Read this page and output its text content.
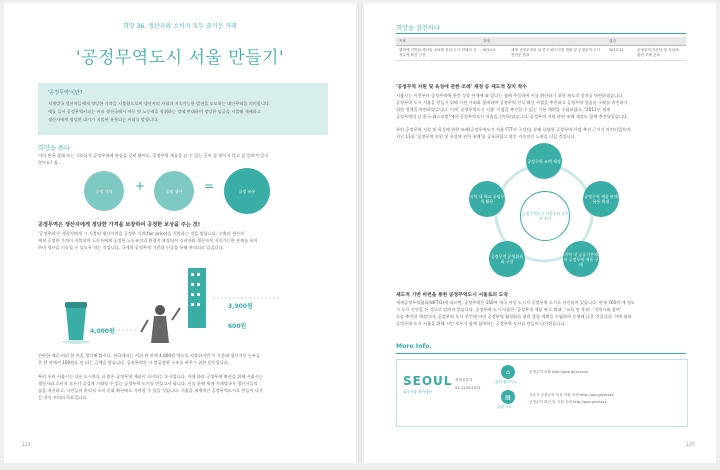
희망 36. 생산자와 소비자 모두 즐거운 거래
'공정무역도시 서울 만들기'
'공정무역'이란?
저개발국 생산자들에게 정당한 가격을 지불함으로써 생산자의 자립과 지속가능한 발전을 도모하는 대안무역을 의미합니다.
예를 들어 공정무역커피는 커피 생산국에서 아동 및 노동력을 착취하는 것에 반대하며 정당한 임금을 지불해 재배하고
생산자에게 정당한 대가가 지불된 유통되는 커피를 말합니다.
희망을 품다
이미 빈곤 상태 또는 그러다가 공정무역에 관심을 갖게 됐어도, 공정무역 제품을 살 수 있는 곳이 잘 보이지 않고 잘 알려져 있지
않아요? 흠...
공정 가치 +	공정 생산 =	공정 유통
공정무역은 생산자에게 정당한 가격을 보장하여 공정한 보상을 주는 것!
'공정무역'은 생산자에게 그 지불된 생산가격을 공정한 가격(fair price)을 지불하는 것을 말합니다. 수출과 생산자
에게 공정한 가격이 지불되어 노동자에게 공정한 노동조건과 환경이 보장되어 소비자와 생산자의 지속가능한 관계를 유지
하며 생산을 지속할 수 있도록 하는 것입니다. 국제적 공정무역 기준과 인증을 통해 관리되고 있습니다.
4,000원
3,900원
600원
간단한 예로 커피 한 잔을 생각해 봅시다. 한국에서는 커피 한 잔에 4,000원 정도를 지불하지만 이 가운데 생산자인 농부들
은 한 잔에서 100원도 안 되는 금액을 받습니다. 공정무역은 이 불공정한 구조를 바꾸기 위한 운동입니다.
특히 우리 서울시는 다른 도시보다 더 많은 공정무역 제품이 소비되는 도시입니다. 이에 따라 공정무역 확산을 위해 서울시는
생산자와 소비자 모두가 즐겁게 거래할 수 있는 공정무역 도시를 만들고자 합니다. 이를 통해 세계 저개발국가 생산자들의
삶을 개선하고, 시민들의 윤리적 소비 문화 확산에도 기여할 수 있을 것입니다. 서울을 세계적인 공정무역도시로 만들어 나가
는 것이 우리의 목표입니다.
124
희망을 실천하다
목표	과정		결과	
원칙에 기반한 생산물 소비를 통한 도시 전체의 공정무역 확산 구현	2012.5	세계 공정무역의 날 한국 페스티벌 개최 및 공정무역 도시 선언문 발표	2012.11	공정무역 자문단 및 육성에 관한 조례 공포
'공정무역 지원 및 육성에 관한 조례' 제정 등 제도적 장치 착수
서울시는 이전부터 공정무역에 한층 성장 단계에 와 있다는 점에 주목하여 이를 확산하기 위한 제도적 장치를 마련하였습니다.
공정무역 도시 서울을 만들기 위해 시민 사회와 협력하여 공정무역 인식 확산 사업을 추진하고 공정무역 상품의 구매를 촉진하기
위한 정책을 마련하였습니다. 이에 '공정무역도시 서울' 사업을 추진할 수 있는 기본 계획을 수립하였고, "2012년 세계
공정무역의 날 한국 페스티벌"에서 공정무역도시 서울을 선언하였습니다. 공정무역 지원 관련 조례 제정도 함께 추진되었습니다.
특히 공정무역 지원 및 육성에 관한 조례(공정무역도시 서울 FTT의 구성)를 통해 다양한 공정무역 사업 추진 근거가 마련되었으며
지난 11월 '공정무역 지원 및 육성에 관한 조례'를 공포하였고 향후 지속적인 노력을 더할 것입니다.
공정무역도시 서울 FTT 5가지 조건
공정무역 조례 제정
공정무역 제품 판매 유통 확대
지역 내 공공기관에서 공정무역 제품 구매
공정무역 운영위원회 구성
지역 내 학교 공정무역 활용
제도적 기반 마련을 통한 공정무역도시 서울로의 도약
세계공정무역협회(WFTO)에 따르면, 공정무역은 150여 개국 이상 도시가 공정무역 도시로 선언되어 있습니다. 현재 700여 개 정도
가 도시 선언을 한 것으로 알려져 있습니다. 공정무역 도시 서울은 '공정무역 제품 판로 확대', '교육 및 홍보', '지역사회 참여'
등을 추진할 예정이며, 공정무역 도시 선언에 이어 공정무역 활성화를 위한 종합 계획을 수립하여 운영해 나갈 것입니다. 이에 따라
공정무역 도시 서울을 위해 시민 모두가 함께 참여하는 공정무역 도시를 만들어 나가겠습니다.
More Info.
SEOUL
희망서울 참여예산
경제진흥과
02-2133-5373
⌂
관련 웹사이트
공정무역 포탈 http://goo.gl/xxxxxx
▤
관련 자료
서울시 공정무역 육성·지원 조례 http://goo.gl/xxxxx
공정무역 확산 및 지원 조례 http://goo.gl/xxxxx
125
